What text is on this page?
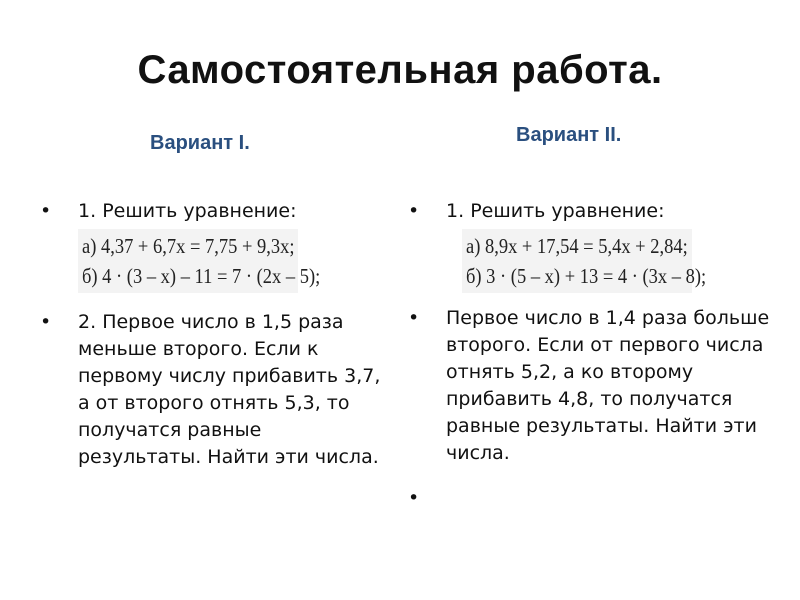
Самостоятельная работа.
Вариант I.	Вариант II.
•	1. Решить уравнение:
а) 4,37 + 6,7x = 7,75 + 9,3x;
б) 4 · (3 – x) – 11 = 7 · (2x – 5);
•	2. Первое число в 1,5 раза меньше второго. Если к первому числу прибавить 3,7, а от второго отнять 5,3, то получатся равные результаты. Найти эти числа.
•	1. Решить уравнение:
а) 8,9x + 17,54 = 5,4x + 2,84;
б) 3 · (5 – x) + 13 = 4 · (3x – 8);
•	Первое число в 1,4 раза больше второго. Если от первого числа отнять 5,2, а ко второму прибавить 4,8, то получатся равные результаты. Найти эти числа.
•
